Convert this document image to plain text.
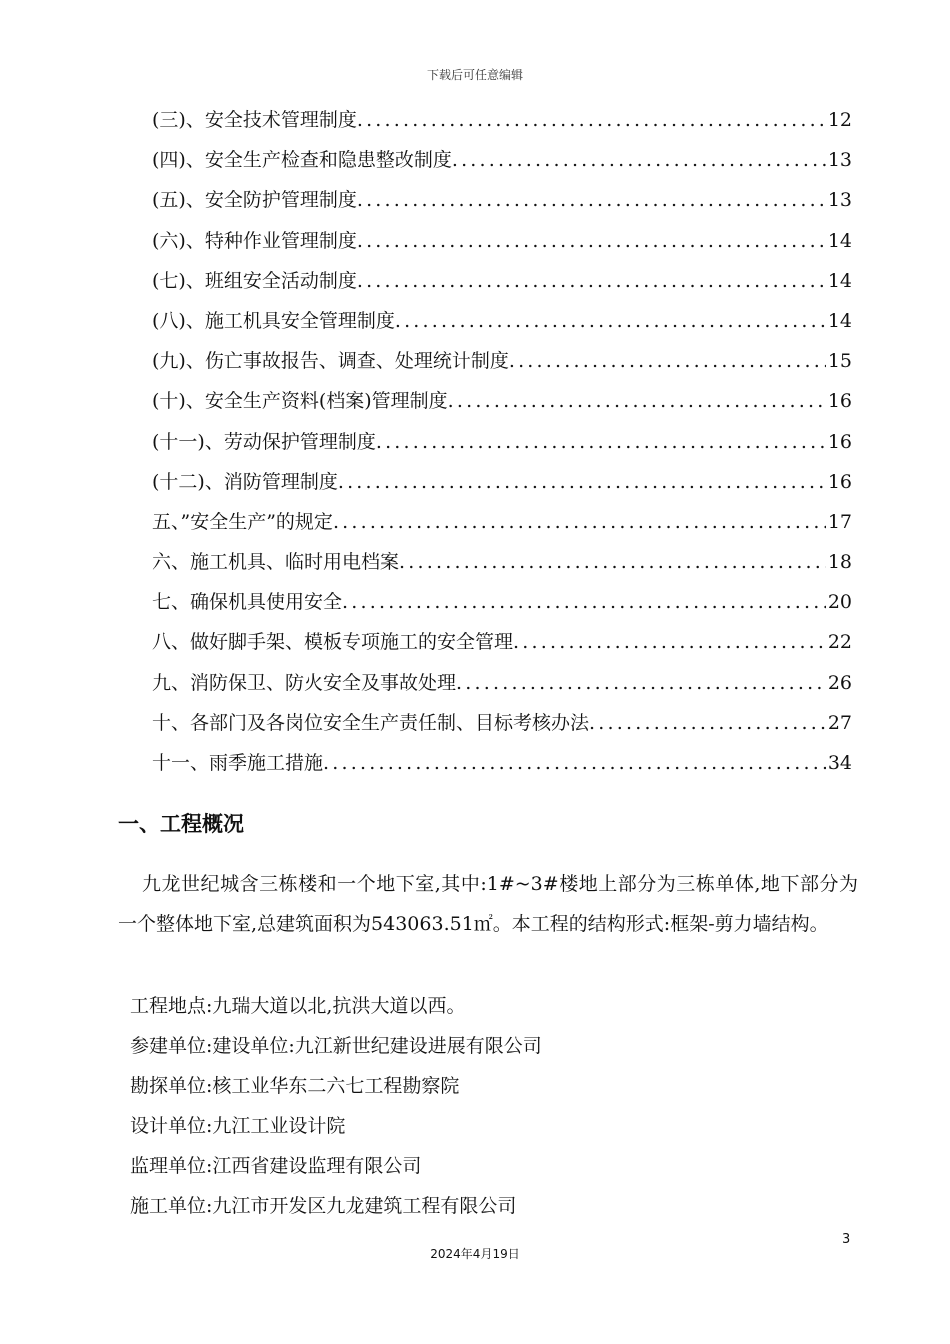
下载后可任意编辑
(三)、安全技术管理制度 .....	12
(四)、安全生产检查和隐患整改制度 .....	13
(五)、安全防护管理制度 .....	13
(六)、特种作业管理制度 .....	14
(七)、班组安全活动制度 .....	14
(八)、施工机具安全管理制度 .....	14
(九)、伤亡事故报告、调查、处理统计制度 .....	15
(十)、安全生产资料(档案)管理制度 .....	16
(十一)、劳动保护管理制度 .....	16
(十二)、消防管理制度 .....	16
五、”安全生产”的规定 .....	17
六、施工机具、临时用电档案 .....	18
七、确保机具使用安全 .....	20
八、做好脚手架、模板专项施工的安全管理 .....	22
九、消防保卫、防火安全及事故处理 .....	26
十、各部门及各岗位安全生产责任制、目标考核办法 .....	27
十一、雨季施工措施 .....	34
一、工程概况
九龙世纪城含三栋楼和一个地下室,其中:1#~3#楼地上部分为三栋单体,地下部分为一个整体地下室,总建筑面积为543063.51㎡。本工程的结构形式:框架-剪力墙结构。
工程地点:九瑞大道以北,抗洪大道以西。
参建单位:建设单位:九江新世纪建设进展有限公司
勘探单位:核工业华东二六七工程勘察院
设计单位:九江工业设计院
监理单位:江西省建设监理有限公司
施工单位:九江市开发区九龙建筑工程有限公司
3
2024年4月19日
